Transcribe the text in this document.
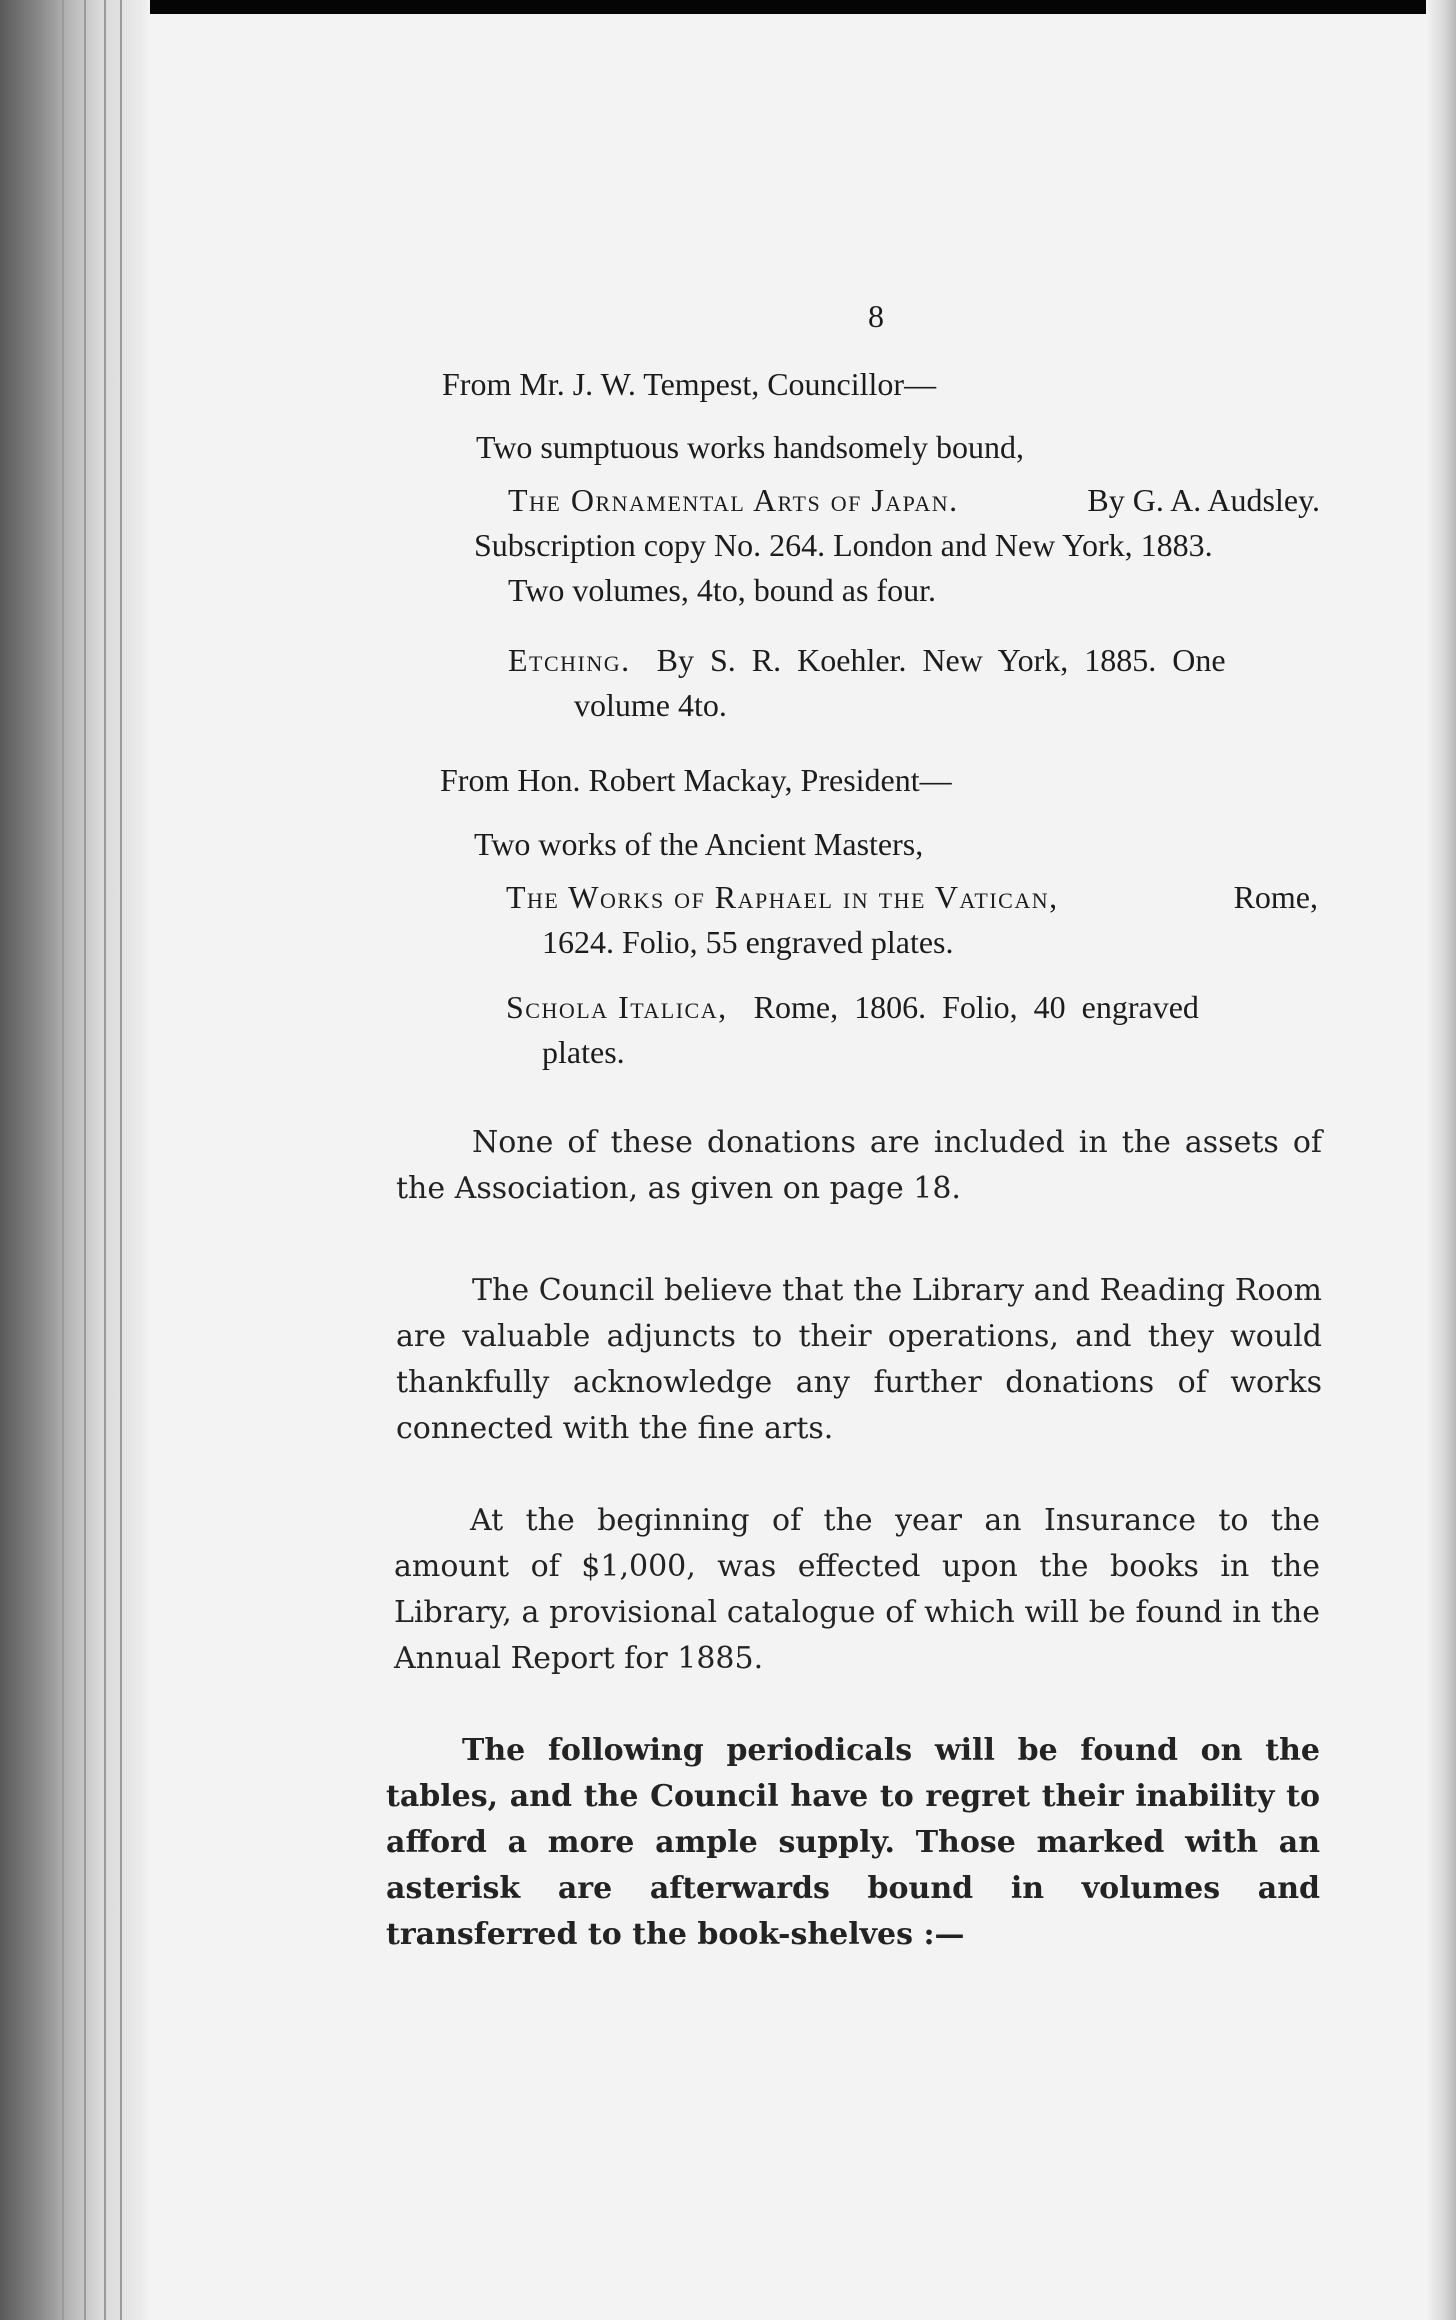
8
From Mr. J. W. Tempest, Councillor—
Two sumptuous works handsomely bound,
The Ornamental Arts of Japan.	By G. A. Audsley.
Subscription copy No. 264. London and New York, 1883.
Two volumes, 4to, bound as four.
Etching. By S. R. Koehler. New York, 1885. One
volume 4to.
From Hon. Robert Mackay, President—
Two works of the Ancient Masters,
The Works of Raphael in the Vatican,	Rome,
1624. Folio, 55 engraved plates.
Schola Italica, Rome, 1806. Folio, 40 engraved
plates.
None of these donations are included in the assets of the Association, as given on page 18.
The Council believe that the Library and Reading Room are valuable adjuncts to their operations, and they would thankfully acknowledge any further donations of works connected with the fine arts.
At the beginning of the year an Insurance to the amount of $1,000, was effected upon the books in the Library, a provisional catalogue of which will be found in the Annual Report for 1885.
The following periodicals will be found on the tables, and the Council have to regret their inability to afford a more ample supply. Those marked with an asterisk are afterwards bound in volumes and transferred to the book-shelves :—
